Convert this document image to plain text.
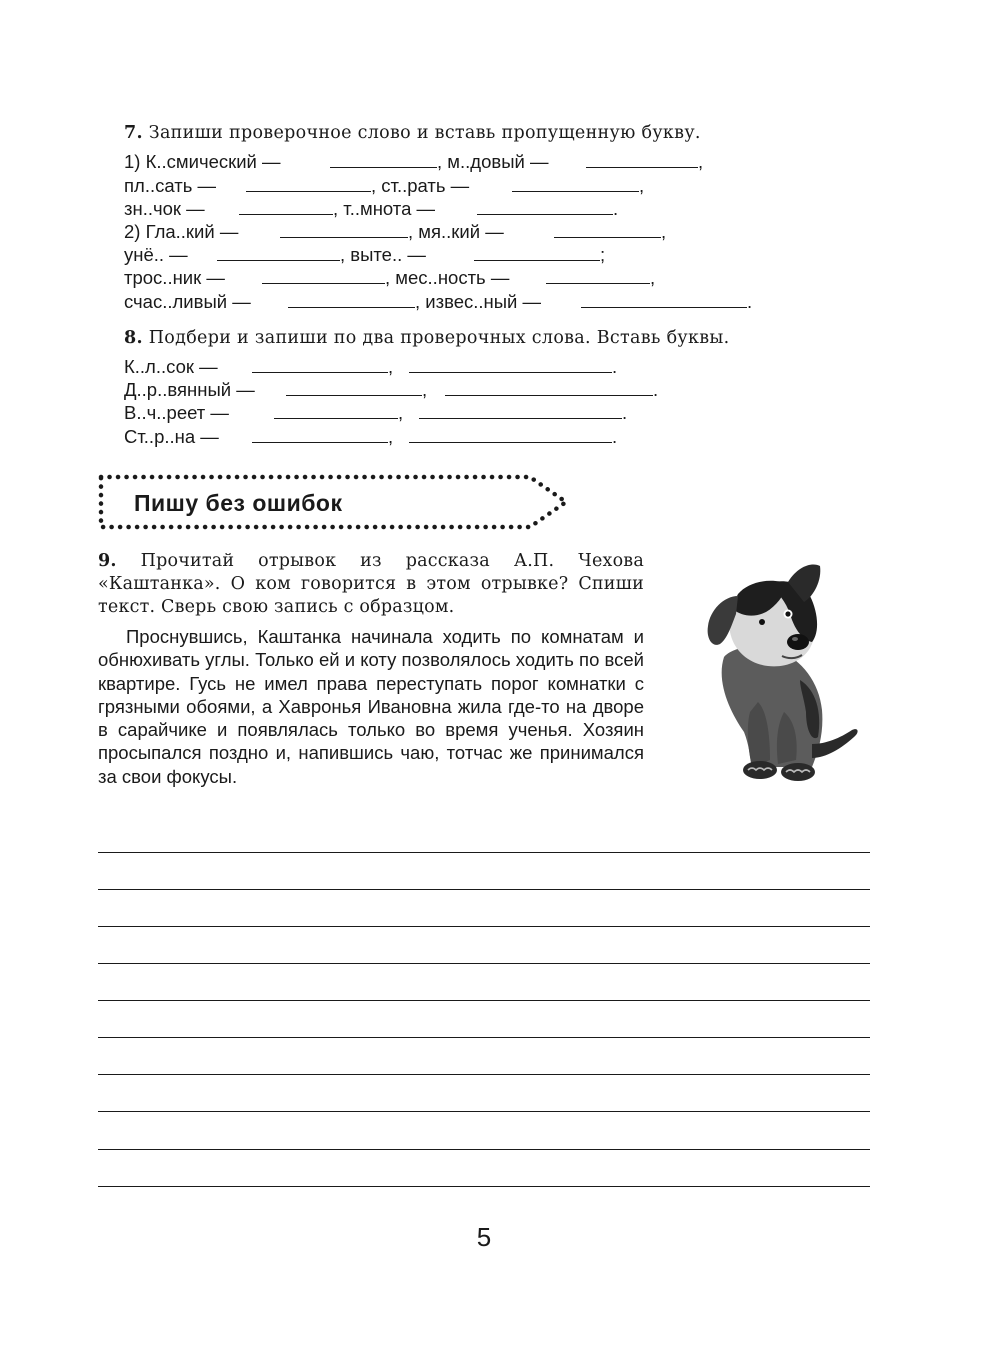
7. Запиши проверочное слово и вставь пропущенную букву.
1) К..смический —	, м..довый —	,
пл..сать —	, ст..рать —	,
зн..чок —	, т..мнота —	.
2) Гла..кий —	, мя..кий —	,
унё.. —	, выте.. —	;
трос..ник —	, мес..ность —	,
счас..ливый —	, извес..ный —	.
8. Подбери и запиши по два проверочных слова. Вставь буквы.
К..л..сок —	,	.
Д..р..вянный —	,	.
В..ч..реет —	,	.
Ст..р..на —	,	.
Пишу без ошибок
9. Прочитай отрывок из рассказа А.П. Чехова «Каштанка». О ком говорится в этом отрывке? Спиши текст. Сверь свою запись с образцом.
Проснувшись, Каштанка начинала ходить по комнатам и обнюхивать углы. Только ей и коту позволялось ходить по всей квартире. Гусь не имел права переступать порог комнатки с грязными обоями, а Хавронья Ивановна жила где-то на дворе в сарайчике и появлялась только во время ученья. Хозяин просыпался поздно и, напившись чаю, тотчас же принимался за свои фокусы.
5
